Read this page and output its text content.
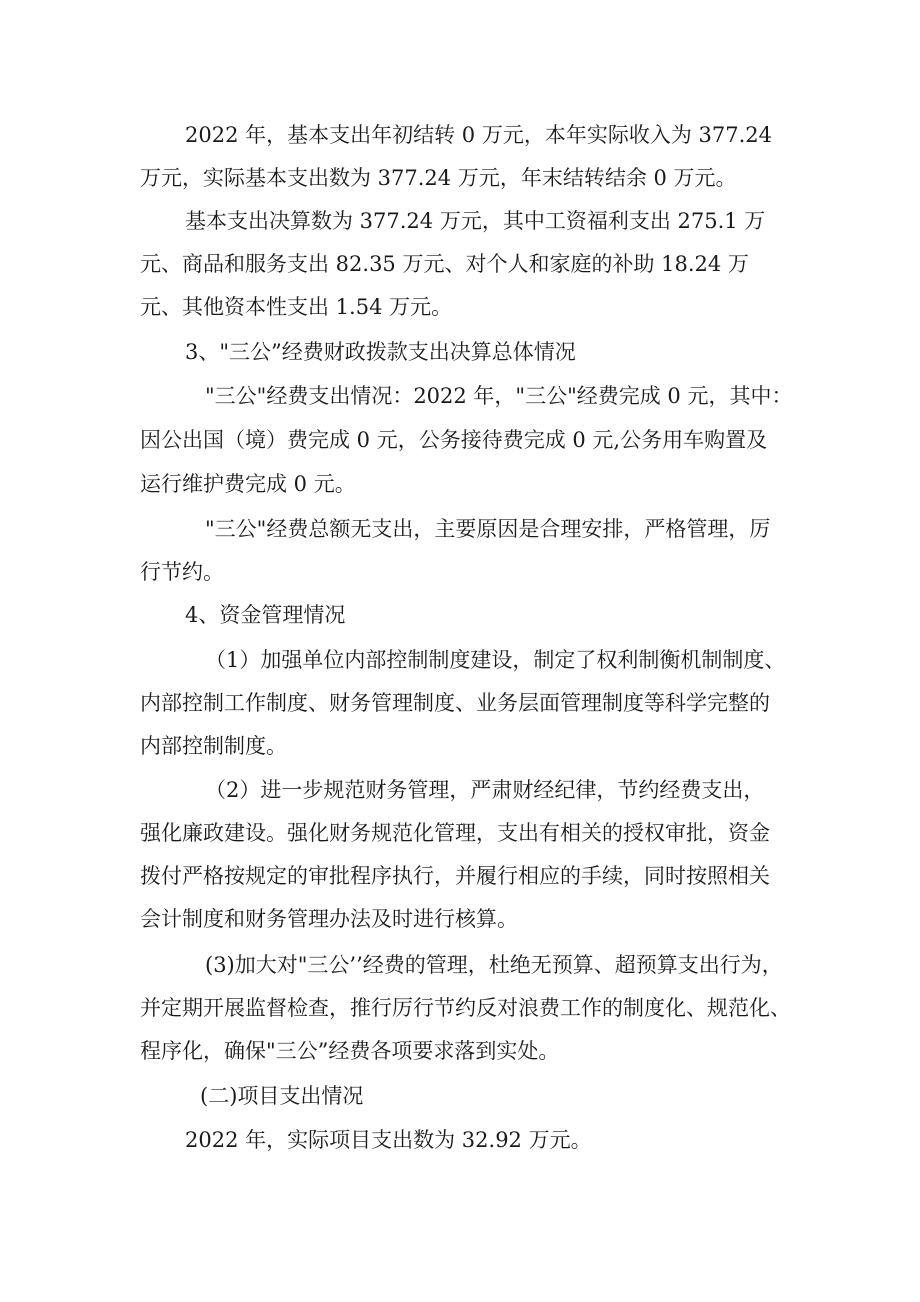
2022 年，基本支出年初结转 0 万元，本年实际收入为 377.24
万元，实际基本支出数为 377.24 万元，年末结转结余 0 万元。
基本支出决算数为 377.24 万元，其中工资福利支出 275.1 万
元、商品和服务支出 82.35 万元、对个人和家庭的补助 18.24 万
元、其他资本性支出 1.54 万元。
3、"三公”经费财政拨款支出决算总体情况
"三公"经费支出情况：2022 年，"三公"经费完成 0 元，其中：
因公出国（境）费完成 0 元，公务接待费完成 0 元,公务用车购置及
运行维护费完成 0 元。
"三公"经费总额无支出，主要原因是合理安排，严格管理，厉
行节约。
4、资金管理情况
（1）加强单位内部控制制度建设，制定了权利制衡机制制度、
内部控制工作制度、财务管理制度、业务层面管理制度等科学完整的
内部控制制度。
（2）进一步规范财务管理，严肃财经纪律，节约经费支出，
强化廉政建设。强化财务规范化管理，支出有相关的授权审批，资金
拨付严格按规定的审批程序执行，并履行相应的手续，同时按照相关
会计制度和财务管理办法及时进行核算。
(3)加大对"三公’’经费的管理，杜绝无预算、超预算支出行为，
并定期开展监督检查，推行厉行节约反对浪费工作的制度化、规范化、
程序化，确保"三公”经费各项要求落到实处。
(二)项目支出情况
2022 年，实际项目支出数为 32.92 万元。
